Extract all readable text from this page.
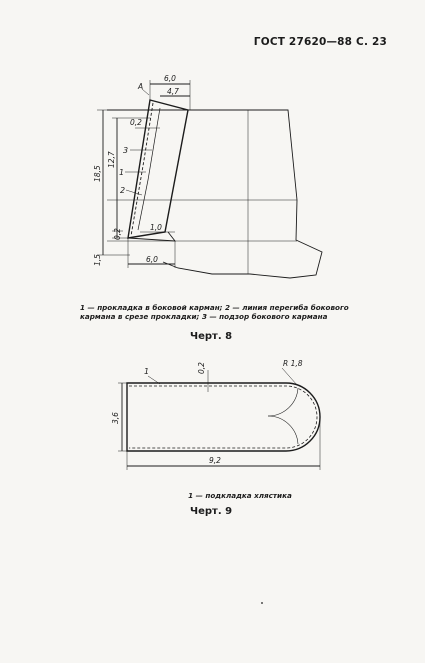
ГОСТ 27620—88 С. 23
А
6,0
4,7
0,2
18,5
12,7
1,0
0,2
1,5	6,0
3
1
2
1	0,2	R 1,8
3,6
9,2
1 — прокладка в боковой карман; 2 — линия перегиба бокового
кармана в срезе прокладки; 3 — подзор бокового кармана
Черт. 8
1 — подкладка хлястика
Черт. 9
